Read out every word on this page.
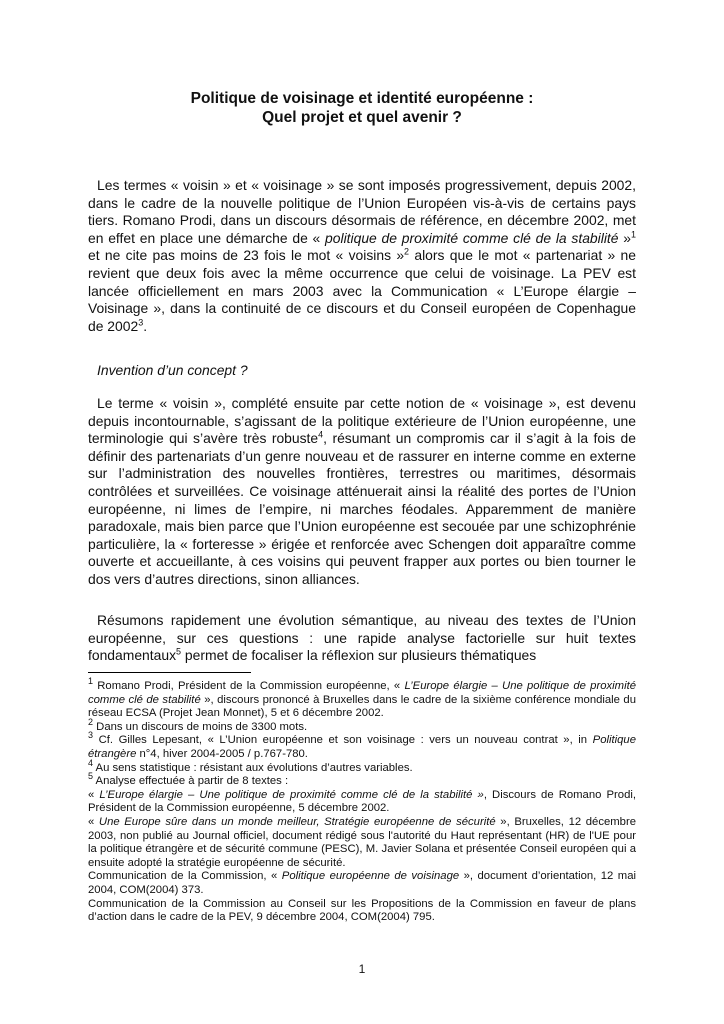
Politique de voisinage et identité européenne :
Quel projet et quel avenir ?
Les termes « voisin » et « voisinage » se sont imposés progressivement, depuis 2002, dans le cadre de la nouvelle politique de l’Union Européen vis-à-vis de certains pays tiers. Romano Prodi, dans un discours désormais de référence, en décembre 2002, met en effet en place une démarche de « politique de proximité comme clé de la stabilité »$^1$ et ne cite pas moins de 23 fois le mot « voisins »$^2$ alors que le mot « partenariat » ne revient que deux fois avec la même occurrence que celui de voisinage. La PEV est lancée officiellement en mars 2003 avec la Communication « L’Europe élargie – Voisinage », dans la continuité de ce discours et du Conseil européen de Copenhague de 2002$^3$.
Invention d’un concept ?
Le terme « voisin », complété ensuite par cette notion de « voisinage », est devenu depuis incontournable, s’agissant de la politique extérieure de l’Union européenne, une terminologie qui s’avère très robuste$^4$, résumant un compromis car il s’agit à la fois de définir des partenariats d’un genre nouveau et de rassurer en interne comme en externe sur l’administration des nouvelles frontières, terrestres ou maritimes, désormais contrôlées et surveillées. Ce voisinage atténuerait ainsi la réalité des portes de l’Union européenne, ni limes de l’empire, ni marches féodales. Apparemment de manière paradoxale, mais bien parce que l’Union européenne est secouée par une schizophrénie particulière, la « forteresse » érigée et renforcée avec Schengen doit apparaître comme ouverte et accueillante, à ces voisins qui peuvent frapper aux portes ou bien tourner le dos vers d’autres directions, sinon alliances.
Résumons rapidement une évolution sémantique, au niveau des textes de l’Union européenne, sur ces questions : une rapide analyse factorielle sur huit textes fondamentaux$^5$ permet de focaliser la réflexion sur plusieurs thématiques

$^1$ Romano Prodi, Président de la Commission européenne, « L’Europe élargie – Une politique de proximité comme clé de stabilité », discours prononcé à Bruxelles dans le cadre de la sixième conférence mondiale du réseau ECSA (Projet Jean Monnet), 5 et 6 décembre 2002.

$^2$ Dans un discours de moins de 3300 mots.

$^3$ Cf. Gilles Lepesant, « L’Union européenne et son voisinage : vers un nouveau contrat », in Politique étrangère n°4, hiver 2004-2005 / p.767-780.

$^4$ Au sens statistique : résistant aux évolutions d’autres variables.

$^5$ Analyse effectuée à partir de 8 textes :

« L’Europe élargie – Une politique de proximité comme clé de la stabilité », Discours de Romano Prodi, Président de la Commission européenne, 5 décembre 2002.

« Une Europe sûre dans un monde meilleur, Stratégie européenne de sécurité », Bruxelles, 12 décembre 2003, non publié au Journal officiel, document rédigé sous l'autorité du Haut représentant (HR) de l'UE pour la politique étrangère et de sécurité commune (PESC), M. Javier Solana et présentée Conseil européen qui a ensuite adopté la stratégie européenne de sécurité.

Communication de la Commission, « Politique européenne de voisinage », document d’orientation, 12 mai 2004, COM(2004) 373.

Communication de la Commission au Conseil sur les Propositions de la Commission en faveur de plans d’action dans le cadre de la PEV, 9 décembre 2004, COM(2004) 795.

1
